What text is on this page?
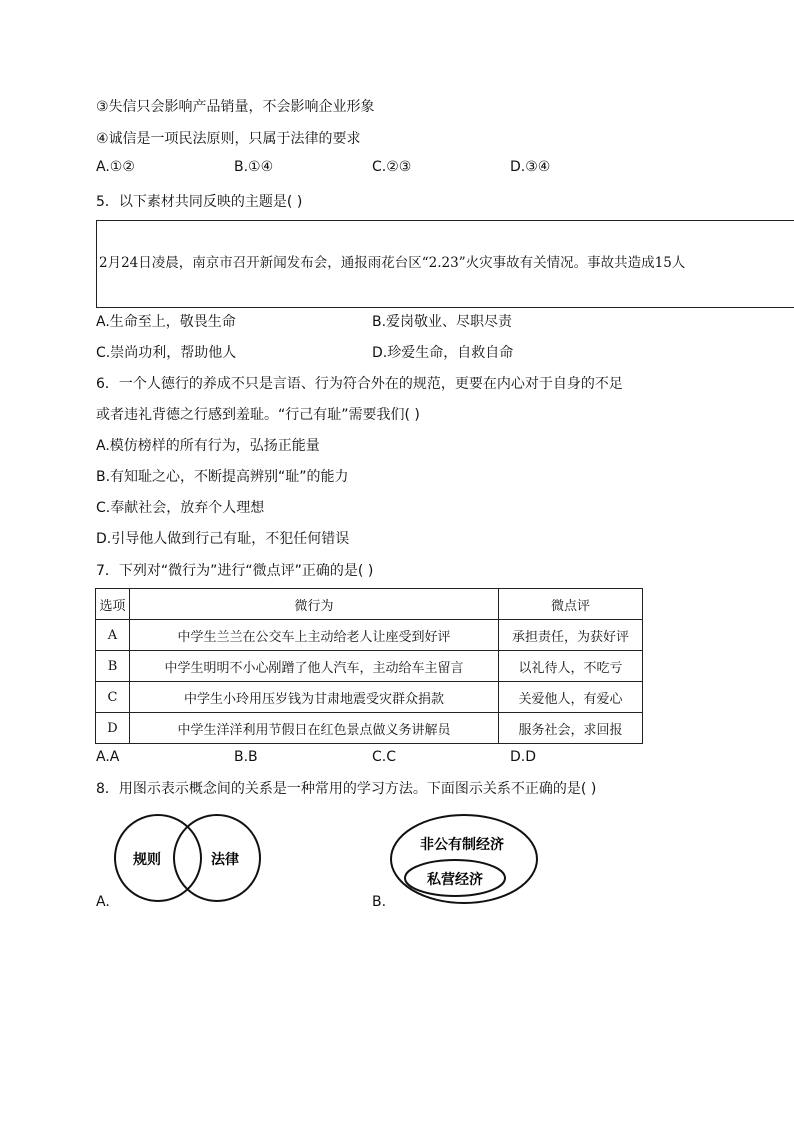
③失信只会影响产品销量，不会影响企业形象
④诚信是一项民法原则，只属于法律的要求
A.①②	B.①④	C.②③	D.③④
5．以下素材共同反映的主题是( )
2月24日凌晨，南京市召开新闻发布会，通报雨花台区“2.23”火灾事故有关情况。事故共造成15人
A.生命至上，敬畏生命	B.爱岗敬业、尽职尽责
C.崇尚功利，帮助他人	D.珍爱生命，自救自命
6．一个人德行的养成不只是言语、行为符合外在的规范，更要在内心对于自身的不足
或者违礼背德之行感到羞耻。“行己有耻”需要我们( )
A.模仿榜样的所有行为，弘扬正能量
B.有知耻之心，不断提高辨别“耻”的能力
C.奉献社会，放弃个人理想
D.引导他人做到行己有耻，不犯任何错误
7．下列对“微行为”进行“微点评”正确的是( )
选项	微行为	微点评
A	中学生兰兰在公交车上主动给老人让座受到好评	承担责任，为获好评
B	中学生明明不小心剐蹭了他人汽车，主动给车主留言	以礼待人，不吃亏
C	中学生小玲用压岁钱为甘肃地震受灾群众捐款	关爱他人，有爱心
D	中学生洋洋利用节假日在红色景点做义务讲解员	服务社会，求回报
A.A	B.B	C.C	D.D
8．用图示表示概念间的关系是一种常用的学习方法。下面图示关系不正确的是( )
规则	法律
非公有制经济
私营经济
A.	B.
